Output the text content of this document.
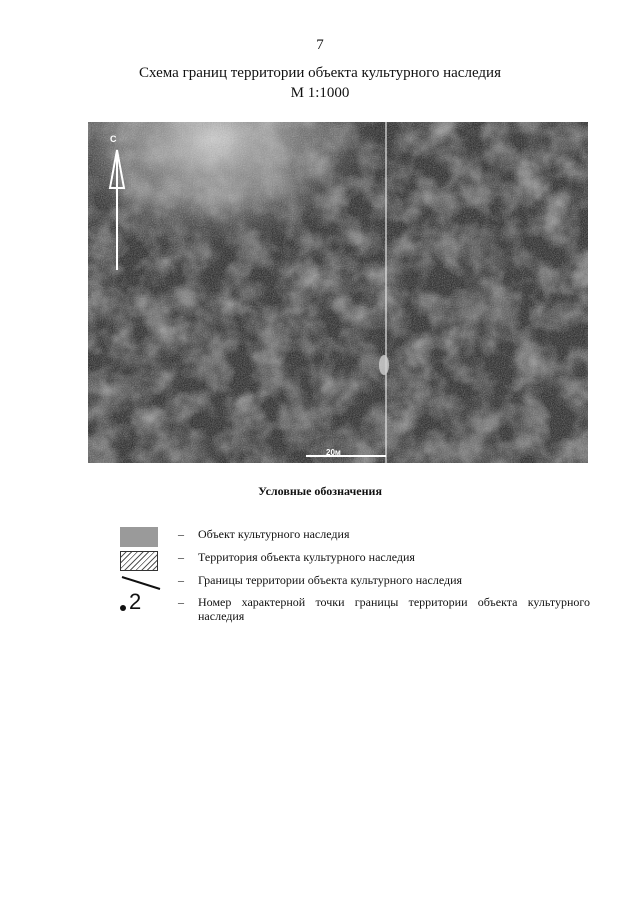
7
Схема границ территории объекта культурного наследия
М 1:1000
С
20м
Условные обозначения
– Объект культурного наследия
– Территория объекта культурного наследия
– Границы территории объекта культурного наследия
2	– Номер характерной точки границы территории объекта культурного наследия
